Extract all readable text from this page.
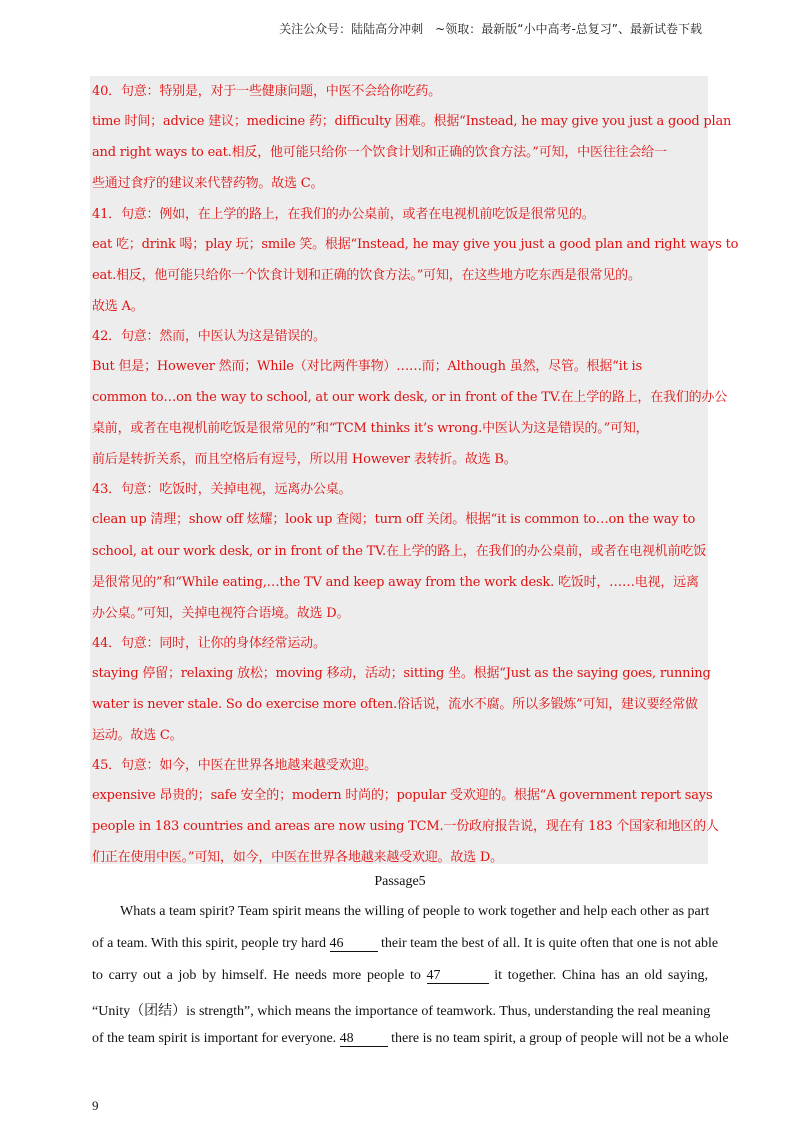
关注公众号：陆陆高分冲刺　~领取：最新版“小中高考-总复习”、最新试卷下载
40．句意：特别是，对于一些健康问题，中医不会给你吃药。
time 时间；advice 建议；medicine 药；difficulty 困难。根据“Instead, he may give you just a good plan
and right ways to eat.相反，他可能只给你一个饮食计划和正确的饮食方法。”可知，中医往往会给一
些通过食疗的建议来代替药物。故选 C。
41．句意：例如，在上学的路上，在我们的办公桌前，或者在电视机前吃饭是很常见的。
eat 吃；drink 喝；play 玩；smile 笑。根据“Instead, he may give you just a good plan and right ways to
eat.相反，他可能只给你一个饮食计划和正确的饮食方法。”可知，在这些地方吃东西是很常见的。
故选 A。
42．句意：然而，中医认为这是错误的。
But 但是；However 然而；While（对比两件事物）……而；Although 虽然，尽管。根据“it is
common to…on the way to school, at our work desk, or in front of the TV.在上学的路上，在我们的办公
桌前，或者在电视机前吃饭是很常见的”和“TCM thinks it’s wrong.中医认为这是错误的。”可知，
前后是转折关系，而且空格后有逗号，所以用 However 表转折。故选 B。
43．句意：吃饭时，关掉电视，远离办公桌。
clean up 清理；show off 炫耀；look up 查阅；turn off 关闭。根据“it is common to…on the way to
school, at our work desk, or in front of the TV.在上学的路上，在我们的办公桌前，或者在电视机前吃饭
是很常见的”和“While eating,…the TV and keep away from the work desk. 吃饭时，……电视，远离
办公桌。”可知，关掉电视符合语境。故选 D。
44．句意：同时，让你的身体经常运动。
staying 停留；relaxing 放松；moving 移动，活动；sitting 坐。根据“Just as the saying goes, running
water is never stale. So do exercise more often.俗话说，流水不腐。所以多锻炼”可知，建议要经常做
运动。故选 C。
45．句意：如今，中医在世界各地越来越受欢迎。
expensive 昂贵的；safe 安全的；modern 时尚的；popular 受欢迎的。根据“A government report says
people in 183 countries and areas are now using TCM.一份政府报告说，现在有 183 个国家和地区的人
们正在使用中医。”可知，如今，中医在世界各地越来越受欢迎。故选 D。
Passage5
Whats a team spirit? Team spirit means the willing of people to work together and help each other as part
of a team. With this spirit, people try hard 46	their team the best of all. It is quite often that one is not able
to carry out a job by himself. He needs more people to 47	it together. China has an old saying,
“Unity（团结）is strength”, which means the importance of teamwork. Thus, understanding the real meaning
of the team spirit is important for everyone. 48	there is no team spirit, a group of people will not be a whole
9
